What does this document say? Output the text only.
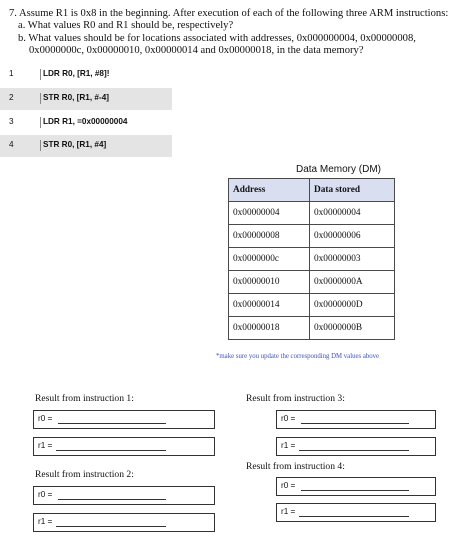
7. Assume R1 is 0x8 in the beginning. After execution of each of the following three ARM instructions:
a. What values R0 and R1 should be, respectively?
b. What values should be for locations associated with addresses, 0x000000004, 0x00000008,
0x0000000c, 0x00000010, 0x00000014 and 0x00000018, in the data memory?
1	LDR R0, [R1, #8]!
2	STR R0, [R1, #-4]
3	LDR R1, =0x00000004
4	STR R0, [R1, #4]
Data Memory (DM)
Address	Data stored
0x00000004	0x00000004
0x00000008	0x00000006
0x0000000c	0x00000003
0x00000010	0x0000000A
0x00000014	0x0000000D
0x00000018	0x0000000B
*make sure you update the corresponding DM values above
Result from instruction 1:
r0 =
r1 =
Result from instruction 2:
r0 =
r1 =
Result from instruction 3:
r0 =
r1 =
Result from instruction 4:
r0 =
r1 =
